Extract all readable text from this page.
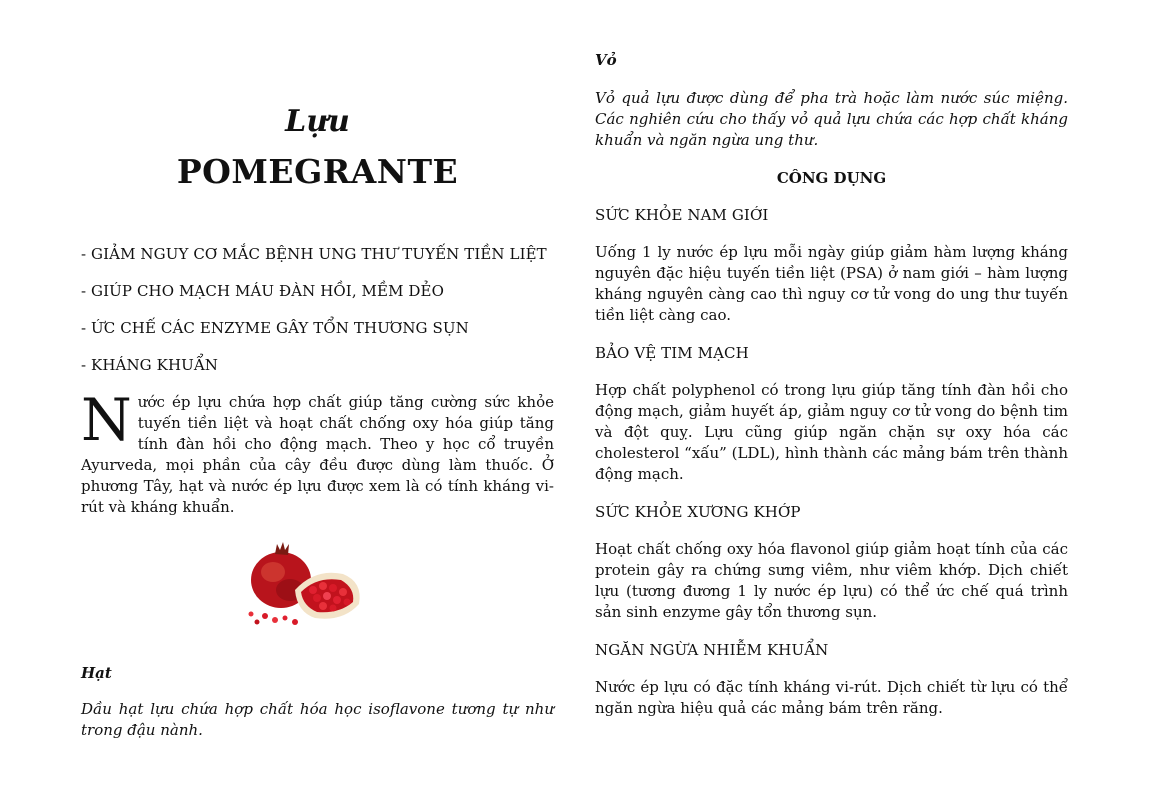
Lựu
POMEGRANTE

- GIẢM NGUY CƠ MẮC BỆNH UNG THƯ TUYẾN TIỀN LIỆT

- GIÚP CHO MẠCH MÁU ĐÀN HỒI, MỀM DẺO

- ỨC CHẾ CÁC ENZYME GÂY TỔN THƯƠNG SỤN

- KHÁNG KHUẨN

Nước ép lựu chứa hợp chất giúp tăng cường sức khỏe tuyến tiền liệt và hoạt chất chống oxy hóa giúp tăng tính đàn hồi cho động mạch. Theo y học cổ truyền Ayurveda, mọi phần của cây đều được dùng làm thuốc. Ở phương Tây, hạt và nước ép lựu được xem là có tính kháng vi-rút và kháng khuẩn.

Hạt

Dầu hạt lựu chứa hợp chất hóa học isoflavone tương tự như trong đậu nành.

Vỏ

Vỏ quả lựu được dùng để pha trà hoặc làm nước súc miệng. Các nghiên cứu cho thấy vỏ quả lựu chứa các hợp chất kháng khuẩn và ngăn ngừa ung thư.

CÔNG DỤNG

SỨC KHỎE NAM GIỚI

Uống 1 ly nước ép lựu mỗi ngày giúp giảm hàm lượng kháng nguyên đặc hiệu tuyến tiền liệt (PSA) ở nam giới – hàm lượng kháng nguyên càng cao thì nguy cơ tử vong do ung thư tuyến tiền liệt càng cao.

BẢO VỆ TIM MẠCH

Hợp chất polyphenol có trong lựu giúp tăng tính đàn hồi cho động mạch, giảm huyết áp, giảm nguy cơ tử vong do bệnh tim và đột quỵ. Lựu cũng giúp ngăn chặn sự oxy hóa các cholesterol “xấu” (LDL), hình thành các mảng bám trên thành động mạch.

SỨC KHỎE XƯƠNG KHỚP

Hoạt chất chống oxy hóa flavonol giúp giảm hoạt tính của các protein gây ra chứng sưng viêm, như viêm khớp. Dịch chiết lựu (tương đương 1 ly nước ép lựu) có thể ức chế quá trình sản sinh enzyme gây tổn thương sụn.

NGĂN NGỪA NHIỄM KHUẨN

Nước ép lựu có đặc tính kháng vi-rút. Dịch chiết từ lựu có thể ngăn ngừa hiệu quả các mảng bám trên răng.
